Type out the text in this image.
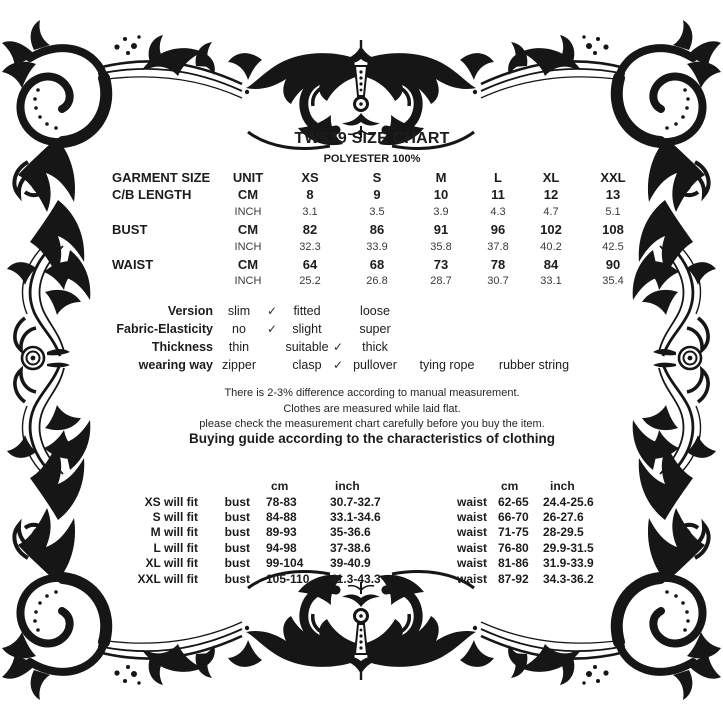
TW639 SIZE CHART
POLYESTER 100%
GARMENT SIZE	UNIT	XS	S	M	L	XL	XXL
C/B LENGTH	CM	8	9	10	11	12	13
INCH	3.1	3.5	3.9	4.3	4.7	5.1
BUST	CM	82	86	91	96	102	108
INCH	32.3	33.9	35.8	37.8	40.2	42.5
WAIST	CM	64	68	73	78	84	90
INCH	25.2	26.8	28.7	30.7	33.1	35.4
Version	slim	✓	fitted	loose
Fabric-Elasticity	no	✓	slight	super
Thickness	thin	suitable ✓	thick
wearing way zipper	clasp ✓ pullover	tying rope	rubber string
There is 2-3% difference according to manual measurement.
Clothes are measured while laid flat.
please check the measurement chart carefully before you buy the item.
Buying guide according to the characteristics of clothing
cm	inch	cm	inch
XS will fit	bust	78-83	30.7-32.7	waist 62-65	24.4-25.6
S will fit	bust	84-88	33.1-34.6	waist 66-70	26-27.6
M will fit	bust	89-93	35-36.6	waist 71-75	28-29.5
L will fit	bust	94-98	37-38.6	waist 76-80	29.9-31.5
XL will fit	bust	99-104	39-40.9	waist 81-86	31.9-33.9
XXL will fit	bust	105-110	41.3-43.3	waist 87-92	34.3-36.2
